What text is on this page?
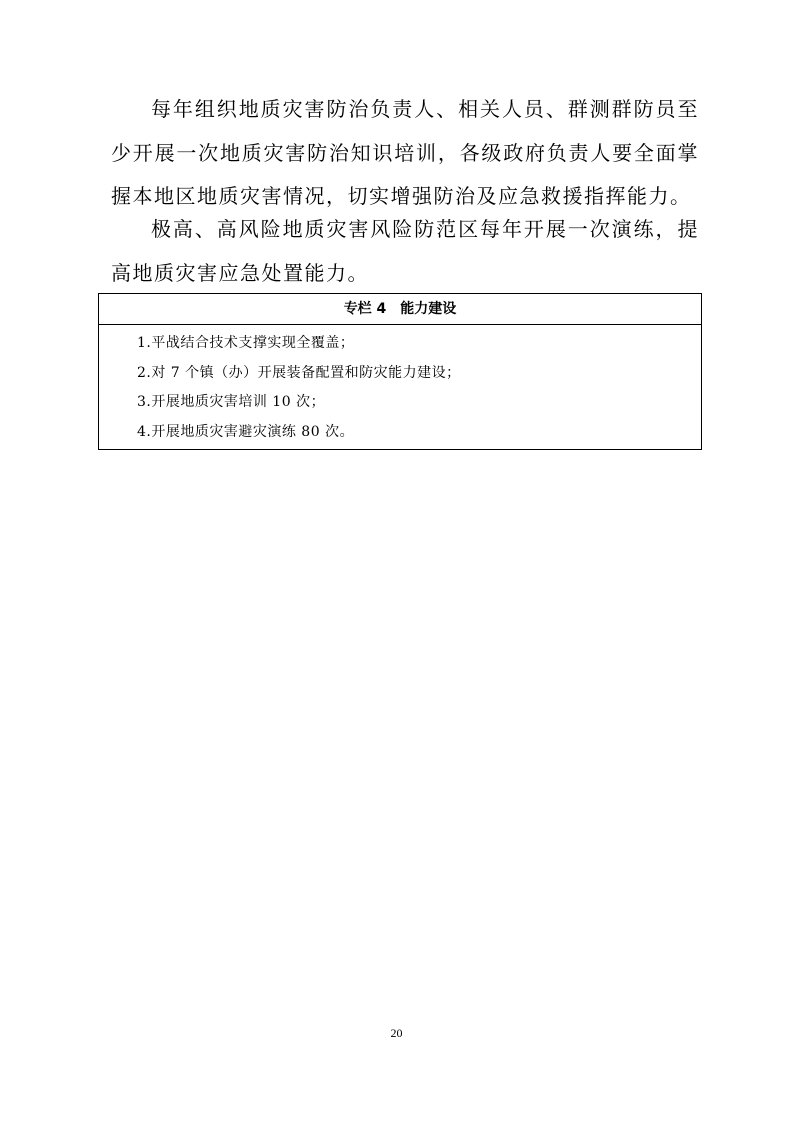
每年组织地质灾害防治负责人、相关人员、群测群防员至少开展一次地质灾害防治知识培训，各级政府负责人要全面掌握本地区地质灾害情况，切实增强防治及应急救援指挥能力。

极高、高风险地质灾害风险防范区每年开展一次演练，提高地质灾害应急处置能力。

专栏 4　能力建设
1.平战结合技术支撑实现全覆盖；
2.对 7 个镇（办）开展装备配置和防灾能力建设；
3.开展地质灾害培训 10 次；
4.开展地质灾害避灾演练 80 次。
20
